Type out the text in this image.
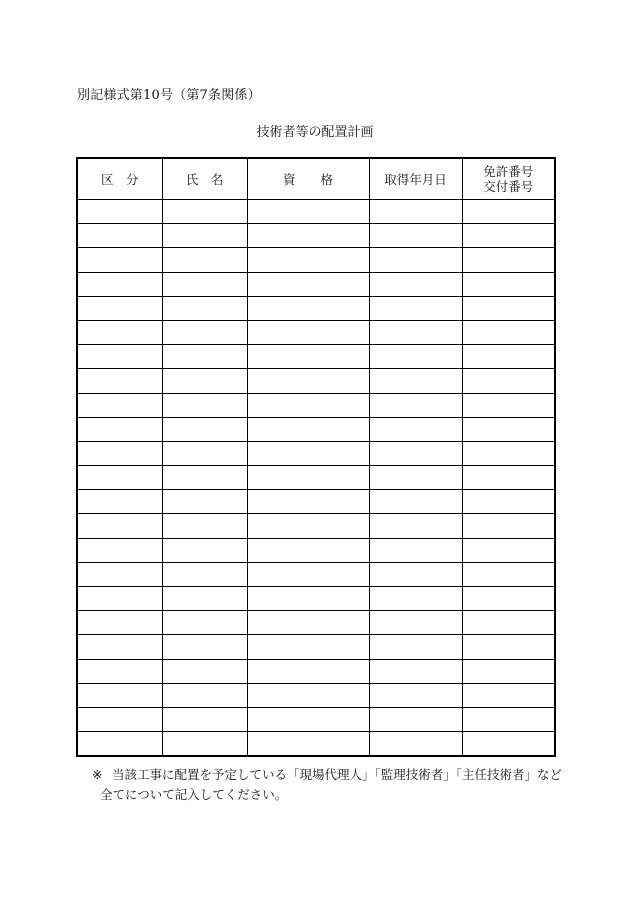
別記様式第10号（第7条関係）
技術者等の配置計画
区　分	氏　名	資　　格	取得年月日	免許番号
交付番号

※ 当該工事に配置を予定している「現場代理人」「監理技術者」「主任技術者」など
全てについて記入してください。
